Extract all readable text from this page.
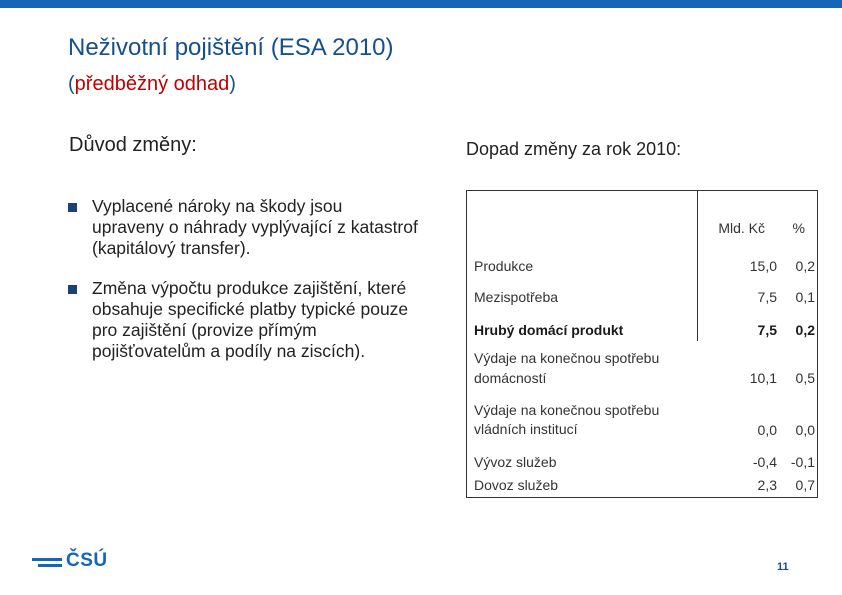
Neživotní pojištění (ESA 2010)
(předběžný odhad)
Důvod změny:
Vyplacené nároky na škody jsou upraveny o náhrady vyplývající z katastrof (kapitálový transfer).
Změna výpočtu produkce zajištění, které obsahuje specifické platby typické pouze pro zajištění (provize přímým pojišťovatelům a podíly na ziscích).
Dopad změny za rok 2010:
Mld. Kč %
Produkce	15,0 0,2
Mezispotřeba	7,5 0,1
Hrubý domácí produkt	7,5 0,2
Výdaje na konečnou spotřebu
domácností	10,1 0,5
Výdaje na konečnou spotřebu
vládních institucí	0,0 0,0
Vývoz služeb	-0,4 -0,1
Dovoz služeb	2,3 0,7
ČSÚ	11
